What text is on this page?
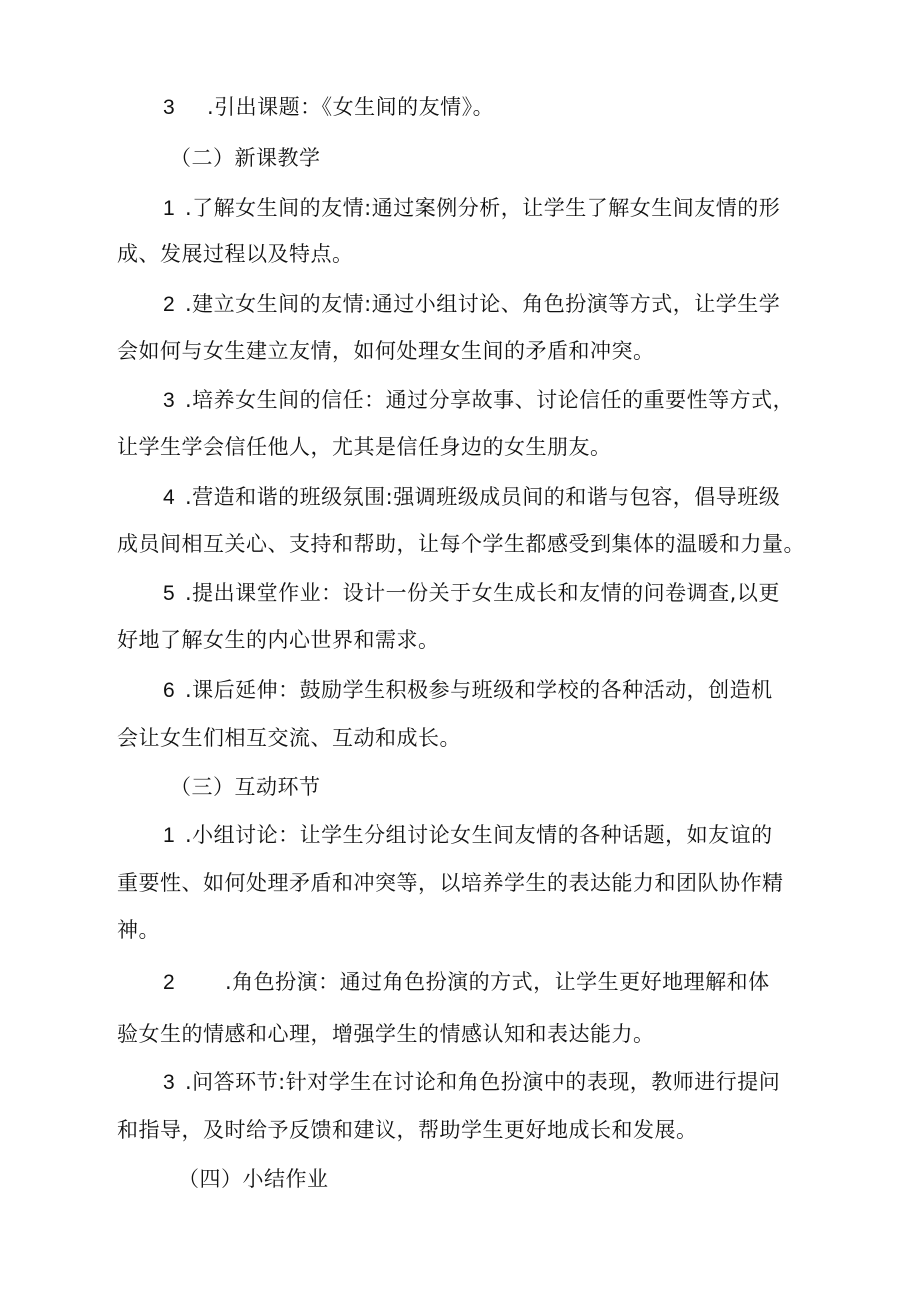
3 .引出课题：《女生间的友情》。
（二）新课教学
1 .了解女生间的友情:通过案例分析，让学生了解女生间友情的形
成、发展过程以及特点。
2 .建立女生间的友情:通过小组讨论、角色扮演等方式，让学生学
会如何与女生建立友情，如何处理女生间的矛盾和冲突。
3 .培养女生间的信任：通过分享故事、讨论信任的重要性等方式，
让学生学会信任他人，尤其是信任身边的女生朋友。
4 .营造和谐的班级氛围:强调班级成员间的和谐与包容，倡导班级
成员间相互关心、支持和帮助，让每个学生都感受到集体的温暖和力量。
5 .提出课堂作业：设计一份关于女生成长和友情的问卷调查,以更
好地了解女生的内心世界和需求。
6 .课后延伸：鼓励学生积极参与班级和学校的各种活动，创造机
会让女生们相互交流、互动和成长。
（三）互动环节
1 .小组讨论：让学生分组讨论女生间友情的各种话题，如友谊的
重要性、如何处理矛盾和冲突等，以培养学生的表达能力和团队协作精
神。
2 .角色扮演：通过角色扮演的方式，让学生更好地理解和体
验女生的情感和心理，增强学生的情感认知和表达能力。
3 .问答环节:针对学生在讨论和角色扮演中的表现，教师进行提问
和指导，及时给予反馈和建议，帮助学生更好地成长和发展。
（四）小结作业
